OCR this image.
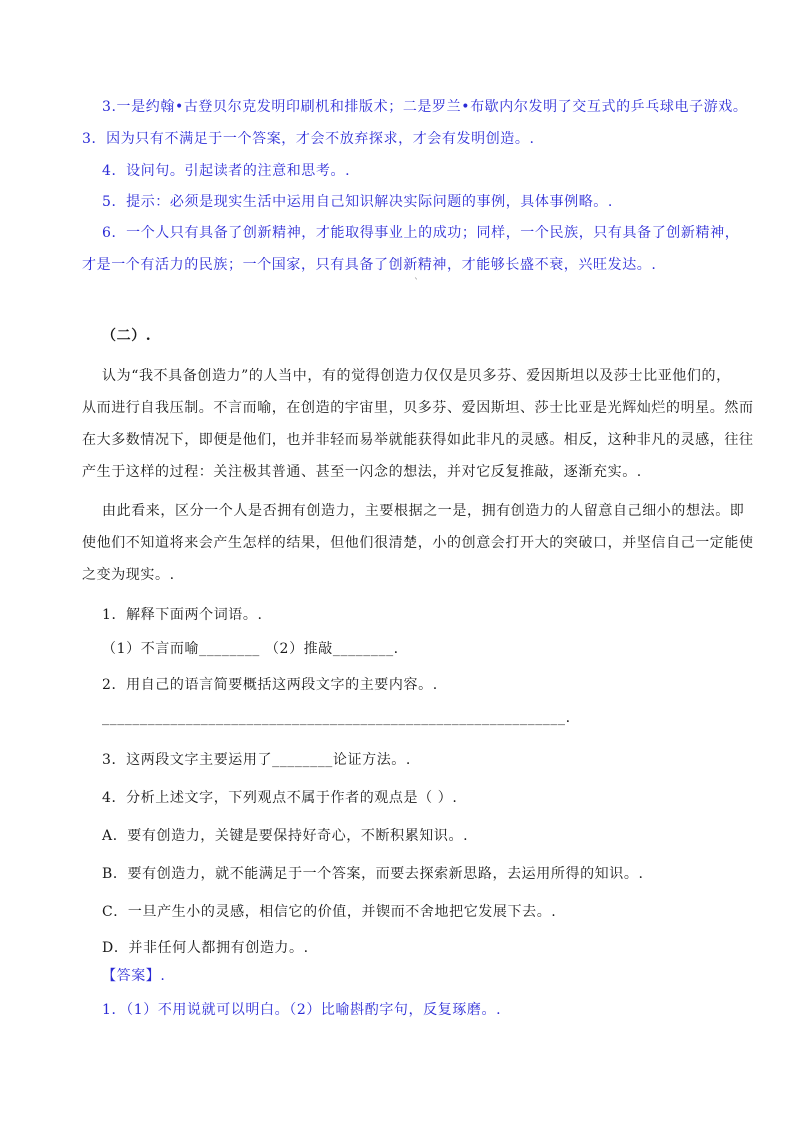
3.一是约翰•古登贝尔克发明印刷机和排版术；二是罗兰•布歇内尔发明了交互式的乒乓球电子游戏。
3．因为只有不满足于一个答案，才会不放弃探求，才会有发明创造。.
4．设问句。引起读者的注意和思考。.
5．提示：必须是现实生活中运用自己知识解决实际问题的事例，具体事例略。.
6．一个人只有具备了创新精神，才能取得事业上的成功；同样，一个民族，只有具备了创新精神，
才是一个有活力的民族；一个国家，只有具备了创新精神，才能够长盛不衰，兴旺发达。.
`
（二）.
认为“我不具备创造力”的人当中，有的觉得创造力仅仅是贝多芬、爱因斯坦以及莎士比亚他们的，
从而进行自我压制。不言而喻，在创造的宇宙里，贝多芬、爱因斯坦、莎士比亚是光辉灿烂的明星。然而
在大多数情况下，即便是他们，也并非轻而易举就能获得如此非凡的灵感。相反，这种非凡的灵感，往往
产生于这样的过程：关注极其普通、甚至一闪念的想法，并对它反复推敲，逐渐充实。.
由此看来，区分一个人是否拥有创造力，主要根据之一是，拥有创造力的人留意自己细小的想法。即
使他们不知道将来会产生怎样的结果，但他们很清楚，小的创意会打开大的突破口，并坚信自己一定能使
之变为现实。.
1．解释下面两个词语。.
（1）不言而喻________ （2）推敲________.
2．用自己的语言简要概括这两段文字的主要内容。.
_____________________________________________________________.
3．这两段文字主要运用了________论证方法。.
4．分析上述文字，下列观点不属于作者的观点是（ ）.
A．要有创造力，关键是要保持好奇心，不断积累知识。.
B．要有创造力，就不能满足于一个答案，而要去探索新思路，去运用所得的知识。.
C．一旦产生小的灵感，相信它的价值，并锲而不舍地把它发展下去。.
D．并非任何人都拥有创造力。.
【答案】.
1．（1）不用说就可以明白。（2）比喻斟酌字句，反复琢磨。.
